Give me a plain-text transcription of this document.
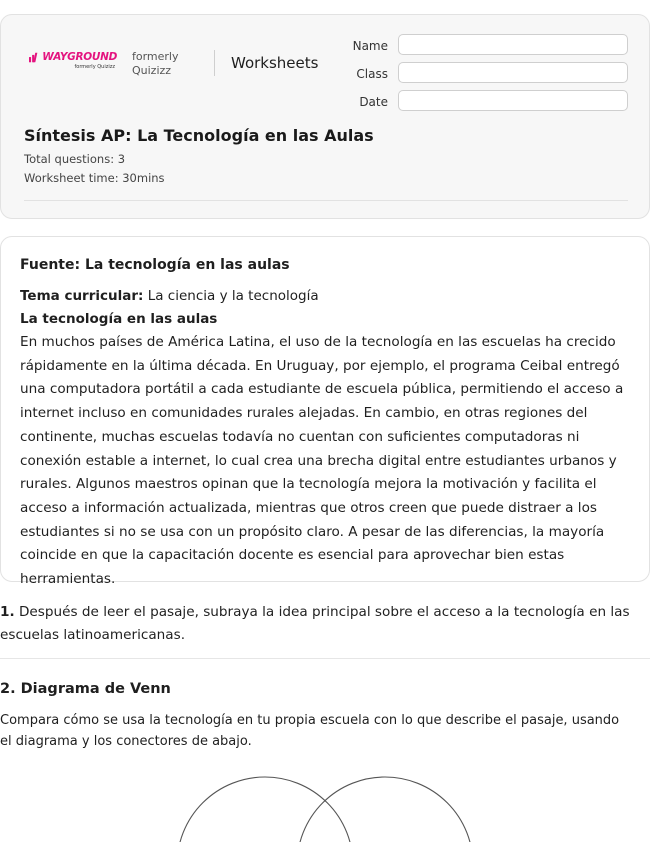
WAYGROUND
formerly Quizizz
formerly
Quizizz	Worksheets
Name
Class
Date
Síntesis AP: La Tecnología en las Aulas
Total questions: 3
Worksheet time: 30mins
Fuente: La tecnología en las aulas
Tema curricular: La ciencia y la tecnología
La tecnología en las aulas
En muchos países de América Latina, el uso de la tecnología en las escuelas ha crecido rápidamente en la última década. En Uruguay, por ejemplo, el programa Ceibal entregó una computadora portátil a cada estudiante de escuela pública, permitiendo el acceso a internet incluso en comunidades rurales alejadas. En cambio, en otras regiones del continente, muchas escuelas todavía no cuentan con suficientes computadoras ni conexión estable a internet, lo cual crea una brecha digital entre estudiantes urbanos y rurales. Algunos maestros opinan que la tecnología mejora la motivación y facilita el acceso a información actualizada, mientras que otros creen que puede distraer a los estudiantes si no se usa con un propósito claro. A pesar de las diferencias, la mayoría coincide en que la capacitación docente es esencial para aprovechar bien estas herramientas.
1. Después de leer el pasaje, subraya la idea principal sobre el acceso a la tecnología en las escuelas latinoamericanas.
2. Diagrama de Venn
Compara cómo se usa la tecnología en tu propia escuela con lo que describe el pasaje, usando el diagrama y los conectores de abajo.
